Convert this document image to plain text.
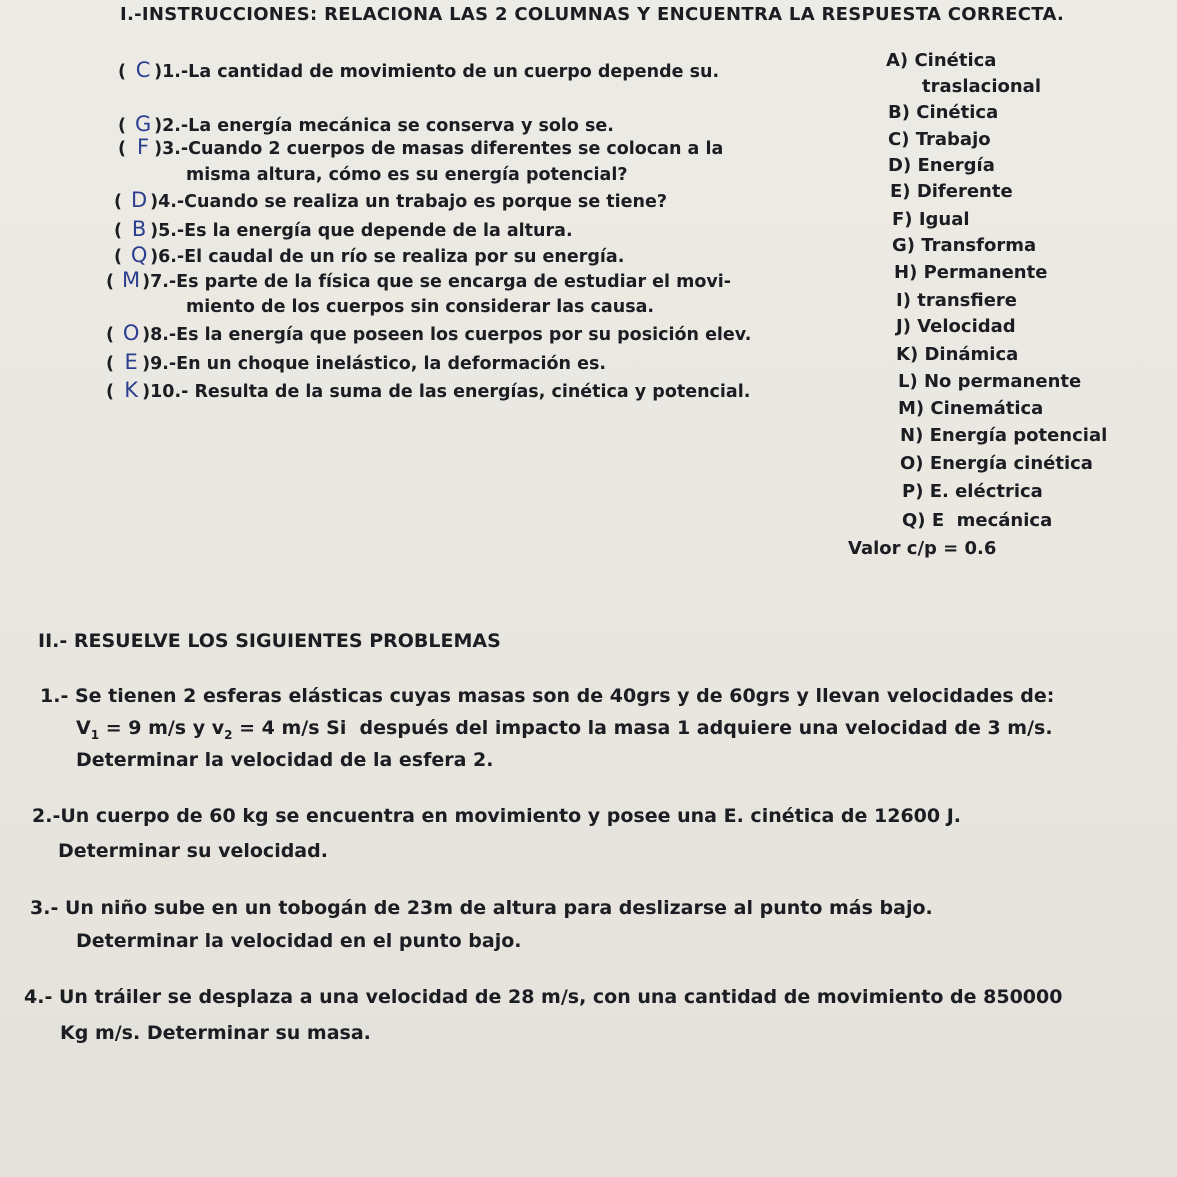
I.-INSTRUCCIONES: RELACIONA LAS 2 COLUMNAS Y ENCUENTRA LA RESPUESTA CORRECTA.
( C )1.-La cantidad de movimiento de un cuerpo depende su.
( G )2.-La energía mecánica se conserva y solo se.
( F )3.-Cuando 2 cuerpos de masas diferentes se colocan a la
misma altura, cómo es su energía potencial?
( D )4.-Cuando se realiza un trabajo es porque se tiene?
( B )5.-Es la energía que depende de la altura.
( Q )6.-El caudal de un río se realiza por su energía.
( M )7.-Es parte de la física que se encarga de estudiar el movi-
miento de los cuerpos sin considerar las causa.
( O )8.-Es la energía que poseen los cuerpos por su posición elev.
( E )9.-En un choque inelástico, la deformación es.
( K )10.- Resulta de la suma de las energías, cinética y potencial.
A) Cinética
traslacional
B) Cinética
C) Trabajo
D) Energía
E) Diferente
F) Igual
G) Transforma
H) Permanente
I) transfiere
J) Velocidad
K) Dinámica
L) No permanente
M) Cinemática
N) Energía potencial
O) Energía cinética
P) E. eléctrica
Q) E  mecánica
Valor c/p = 0.6
II.- RESUELVE LOS SIGUIENTES PROBLEMAS
1.- Se tienen 2 esferas elásticas cuyas masas son de 40grs y de 60grs y llevan velocidades de:
$V_1 = 9$ m/s y $v_2 = 4$ m/s Si  después del impacto la masa 1 adquiere una velocidad de 3 m/s.
Determinar la velocidad de la esfera 2.
2.-Un cuerpo de 60 kg se encuentra en movimiento y posee una E. cinética de 12600 J.
Determinar su velocidad.
3.- Un niño sube en un tobogán de 23m de altura para deslizarse al punto más bajo.
Determinar la velocidad en el punto bajo.
4.- Un tráiler se desplaza a una velocidad de 28 m/s, con una cantidad de movimiento de 850000
Kg m/s. Determinar su masa.
